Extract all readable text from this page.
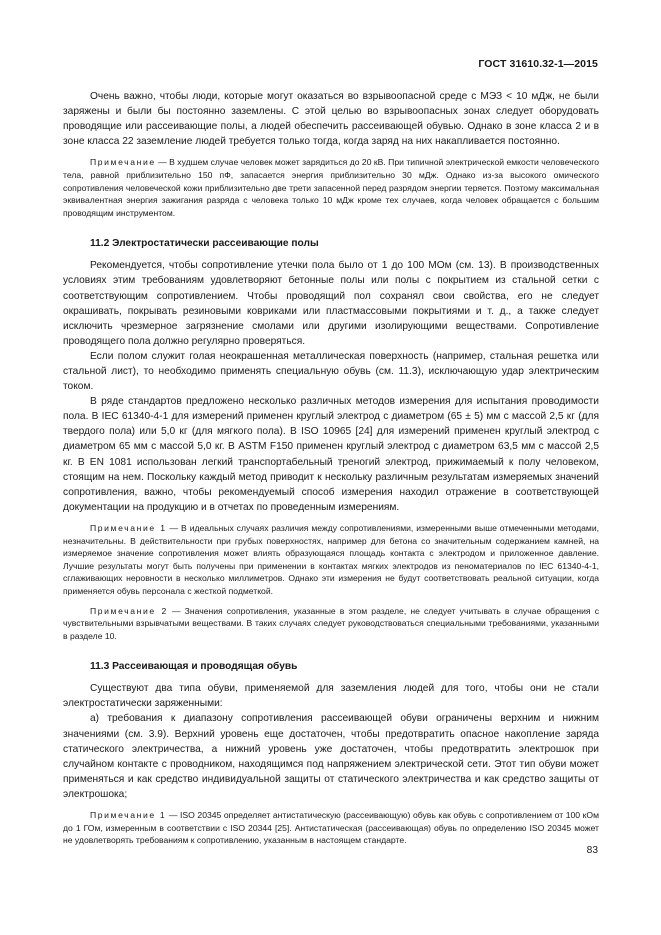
ГОСТ 31610.32-1—2015

Очень важно, чтобы люди, которые могут оказаться во взрывоопасной среде с МЭЗ < 10 мДж, не были заряжены и были бы постоянно заземлены. С этой целью во взрывоопасных зонах следует оборудовать проводящие или рассеивающие полы, а людей обеспечить рассеивающей обувью. Однако в зоне класса 2 и в зоне класса 22 заземление людей требуется только тогда, когда заряд на них накапливается постоянно.

Примечание — В худшем случае человек может зарядиться до 20 кВ. При типичной электрической емкости человеческого тела, равной приблизительно 150 пФ, запасается энергия приблизительно 30 мДж. Однако из-за высокого омического сопротивления человеческой кожи приблизительно две трети запасенной перед разрядом энергии теряется. Поэтому максимальная эквивалентная энергия зажигания разряда с человека только 10 мДж кроме тех случаев, когда человек обращается с большим проводящим инструментом.

11.2 Электростатически рассеивающие полы

Рекомендуется, чтобы сопротивление утечки пола было от 1 до 100 МОм (см. 13). В производственных условиях этим требованиям удовлетворяют бетонные полы или полы с покрытием из стальной сетки с соответствующим сопротивлением. Чтобы проводящий пол сохранял свои свойства, его не следует окрашивать, покрывать резиновыми ковриками или пластмассовыми покрытиями и т. д., а также следует исключить чрезмерное загрязнение смолами или другими изолирующими веществами. Сопротивление проводящего пола должно регулярно проверяться.

Если полом служит голая неокрашенная металлическая поверхность (например, стальная решетка или стальной лист), то необходимо применять специальную обувь (см. 11.3), исключающую удар электрическим током.

В ряде стандартов предложено несколько различных методов измерения для испытания проводимости пола. В IEC 61340-4-1 для измерений применен круглый электрод с диаметром (65 ± 5) мм с массой 2,5 кг (для твердого пола) или 5,0 кг (для мягкого пола). В ISO 10965 [24] для измерений применен круглый электрод с диаметром 65 мм с массой 5,0 кг. В ASTM F150 применен круглый электрод с диаметром 63,5 мм с массой 2,5 кг. В EN 1081 использован легкий транспортабельный треногий электрод, прижимаемый к полу человеком, стоящим на нем. Поскольку каждый метод приводит к нескольку различным результатам измеряемых значений сопротивления, важно, чтобы рекомендуемый способ измерения находил отражение в соответствующей документации на продукцию и в отчетах по проведенным измерениям.

Примечание 1 — В идеальных случаях различия между сопротивлениями, измеренными выше отмеченными методами, незначительны. В действительности при грубых поверхностях, например для бетона со значительным содержанием камней, на измеряемое значение сопротивления может влиять образующаяся площадь контакта с электродом и приложенное давление. Лучшие результаты могут быть получены при применении в контактах мягких электродов из пеноматериалов по IEC 61340-4-1, сглаживающих неровности в несколько миллиметров. Однако эти измерения не будут соответствовать реальной ситуации, когда применяется обувь персонала с жесткой подметкой.

Примечание 2 — Значения сопротивления, указанные в этом разделе, не следует учитывать в случае обращения с чувствительными взрывчатыми веществами. В таких случаях следует руководствоваться специальными требованиями, указанными в разделе 10.

11.3 Рассеивающая и проводящая обувь

Существуют два типа обуви, применяемой для заземления людей для того, чтобы они не стали электростатически заряженными:

а) требования к диапазону сопротивления рассеивающей обуви ограничены верхним и нижним значениями (см. 3.9). Верхний уровень еще достаточен, чтобы предотвратить опасное накопление заряда статического электричества, а нижний уровень уже достаточен, чтобы предотвратить электрошок при случайном контакте с проводником, находящимся под напряжением электрической сети. Этот тип обуви может применяться и как средство индивидуальной защиты от статического электричества и как средство защиты от электрошока;

Примечание 1 — ISO 20345 определяет антистатическую (рассеивающую) обувь как обувь с сопротивлением от 100 кОм до 1 ГОм, измеренным в соответствии с ISO 20344 [25]. Антистатическая (рассеивающая) обувь по определению ISO 20345 может не удовлетворять требованиям к сопротивлению, указанным в настоящем стандарте.

83
